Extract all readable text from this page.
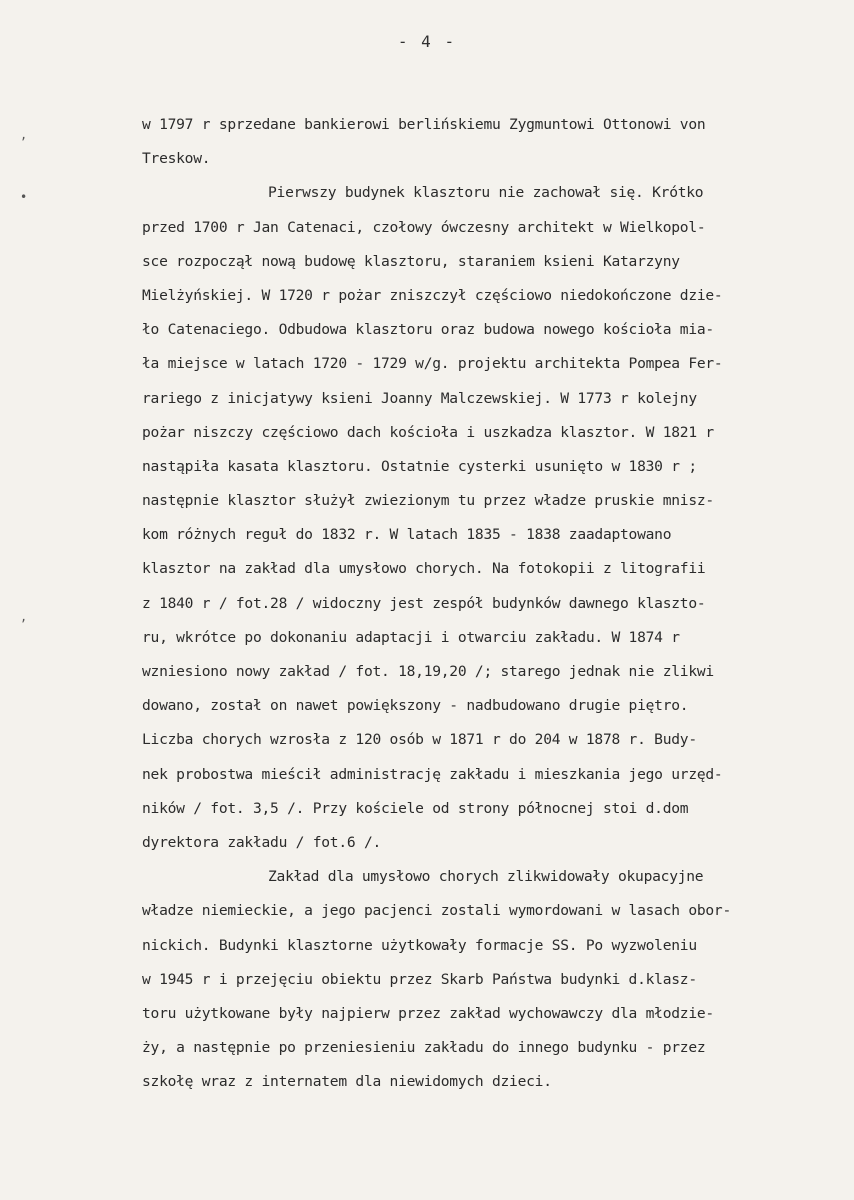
- 4 -
,
•
,
w 1797 r sprzedane bankierowi berlińskiemu Zygmuntowi Ottonowi von
Treskow.
Pierwszy budynek klasztoru nie zachował się. Krótko
przed 1700 r Jan Catenaci, czołowy ówczesny architekt w Wielkopol-
sce rozpoczął nową budowę klasztoru, staraniem ksieni Katarzyny
Mielżyńskiej. W 1720 r pożar zniszczył częściowo niedokończone dzie-
ło Catenaciego. Odbudowa klasztoru oraz budowa nowego kościoła mia-
ła miejsce w latach 1720 - 1729 w/g. projektu architekta Pompea Fer-
rariego z inicjatywy ksieni Joanny Malczewskiej. W 1773 r kolejny
pożar niszczy częściowo dach kościoła i uszkadza klasztor. W 1821 r
nastąpiła kasata klasztoru. Ostatnie cysterki usunięto w 1830 r ;
następnie klasztor służył zwiezionym tu przez władze pruskie mnisz-
kom różnych reguł do 1832 r. W latach 1835 - 1838 zaadaptowano
klasztor na zakład dla umysłowo chorych. Na fotokopii z litografii
z 1840 r / fot.28 / widoczny jest zespół budynków dawnego klaszto-
ru, wkrótce po dokonaniu adaptacji i otwarciu zakładu. W 1874 r
wzniesiono nowy zakład / fot. 18,19,20 /; starego jednak nie zlikwi
dowano, został on nawet powiększony - nadbudowano drugie piętro.
Liczba chorych wzrosła z 120 osób w 1871 r do 204 w 1878 r. Budy-
nek probostwa mieścił administrację zakładu i mieszkania jego urzęd-
ników / fot. 3,5 /. Przy kościele od strony północnej stoi d.dom
dyrektora zakładu / fot.6 /.
Zakład dla umysłowo chorych zlikwidowały okupacyjne
władze niemieckie, a jego pacjenci zostali wymordowani w lasach obor-
nickich. Budynki klasztorne użytkowały formacje SS. Po wyzwoleniu
w 1945 r i przejęciu obiektu przez Skarb Państwa budynki d.klasz-
toru użytkowane były najpierw przez zakład wychowawczy dla młodzie-
ży, a następnie po przeniesieniu zakładu do innego budynku - przez
szkołę wraz z internatem dla niewidomych dzieci.
